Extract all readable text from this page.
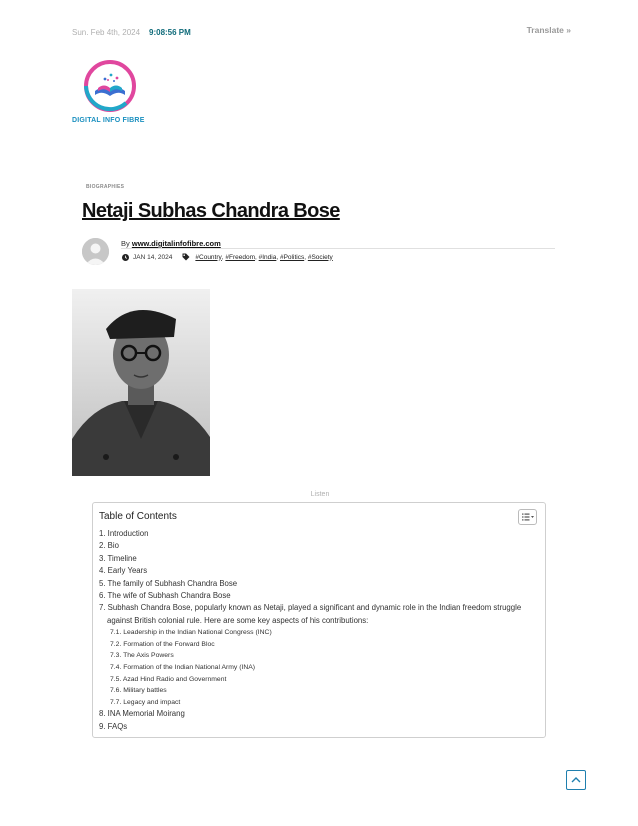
Sun. Feb 4th, 2024 9:08:56 PM	Translate »
DIGITAL INFO FIBRE
BIOGRAPHIES
Netaji Subhas Chandra Bose
By www.digitalinfofibre.com
JAN 14, 2024	#Country , #Freedom , #India , #Politics , #Society
Listen
Table of Contents
1. Introduction
2. Bio
3. Timeline
4. Early Years
5. The family of Subhash Chandra Bose
6. The wife of Subhash Chandra Bose
7. Subhash Chandra Bose, popularly known as Netaji, played a significant and dynamic role in the Indian freedom struggle
against British colonial rule. Here are some key aspects of his contributions:
7.1. Leadership in the Indian National Congress (INC)
7.2. Formation of the Forward Bloc
7.3. The Axis Powers
7.4. Formation of the Indian National Army (INA)
7.5. Azad Hind Radio and Government
7.6. Military battles
7.7. Legacy and impact
8. INA Memorial Moirang
9. FAQs
